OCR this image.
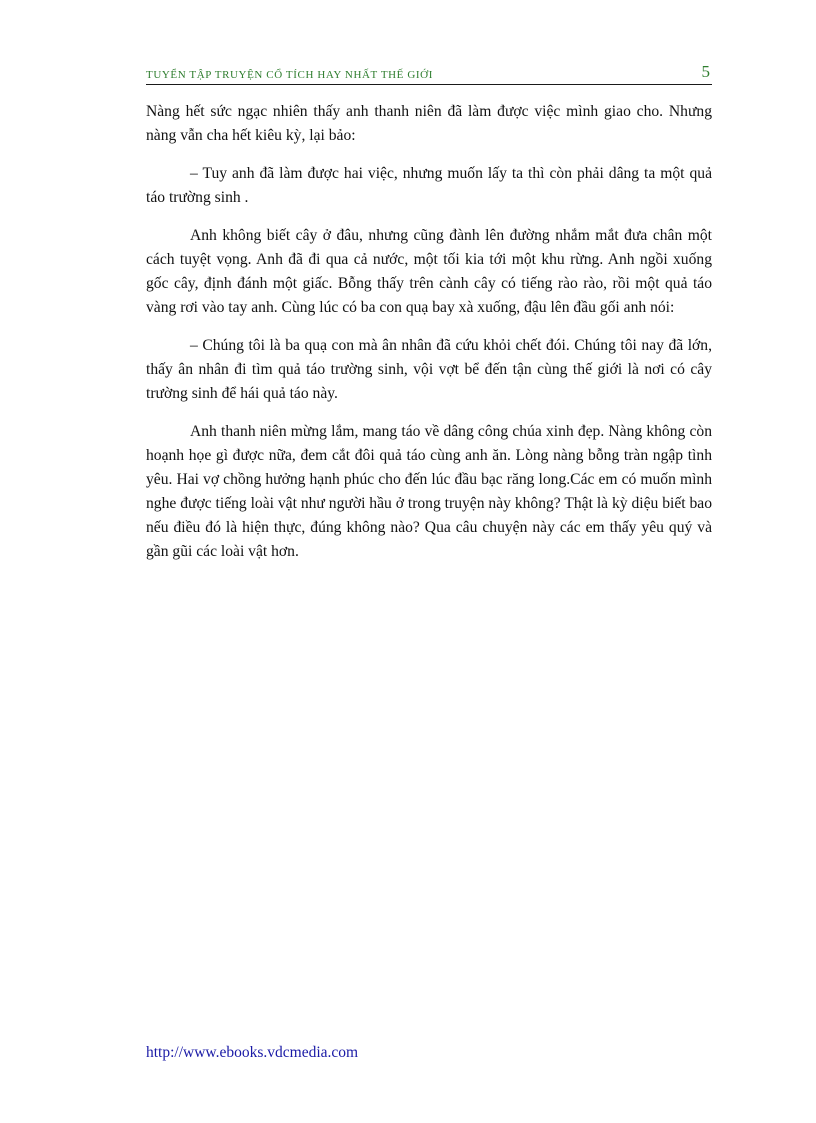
TUYỂN TẬP TRUYỆN CỔ TÍCH HAY NHẤT THẾ GIỚI	5

Nàng hết sức ngạc nhiên thấy anh thanh niên đã làm được việc mình giao cho. Nhưng nàng vẫn cha hết kiêu kỳ, lại bảo:

– Tuy anh đã làm được hai việc, nhưng muốn lấy ta thì còn phải dâng ta một quả táo trường sinh .

Anh không biết cây ở đâu, nhưng cũng đành lên đường nhắm mắt đưa chân một cách tuyệt vọng. Anh đã đi qua cả nước, một tối kia tới một khu rừng. Anh ngồi xuống gốc cây, định đánh một giấc. Bỗng thấy trên cành cây có tiếng rào rào, rồi một quả táo vàng rơi vào tay anh. Cùng lúc có ba con quạ bay xà xuống, đậu lên đầu gối anh nói:

– Chúng tôi là ba quạ con mà ân nhân đã cứu khỏi chết đói. Chúng tôi nay đã lớn, thấy ân nhân đi tìm quả táo trường sinh, vội vợt bể đến tận cùng thế giới là nơi có cây trường sinh để hái quả táo này.

Anh thanh niên mừng lắm, mang táo về dâng công chúa xinh đẹp. Nàng không còn hoạnh họe gì được nữa, đem cắt đôi quả táo cùng anh ăn. Lòng nàng bỗng tràn ngập tình yêu. Hai vợ chồng hưởng hạnh phúc cho đến lúc đầu bạc răng long.Các em có muốn mình nghe được tiếng loài vật như người hầu ở trong truyện này không? Thật là kỳ diệu biết bao nếu điều đó là hiện thực, đúng không nào? Qua câu chuyện này các em thấy yêu quý và gần gũi các loài vật hơn.

http://www.ebooks.vdcmedia.com
